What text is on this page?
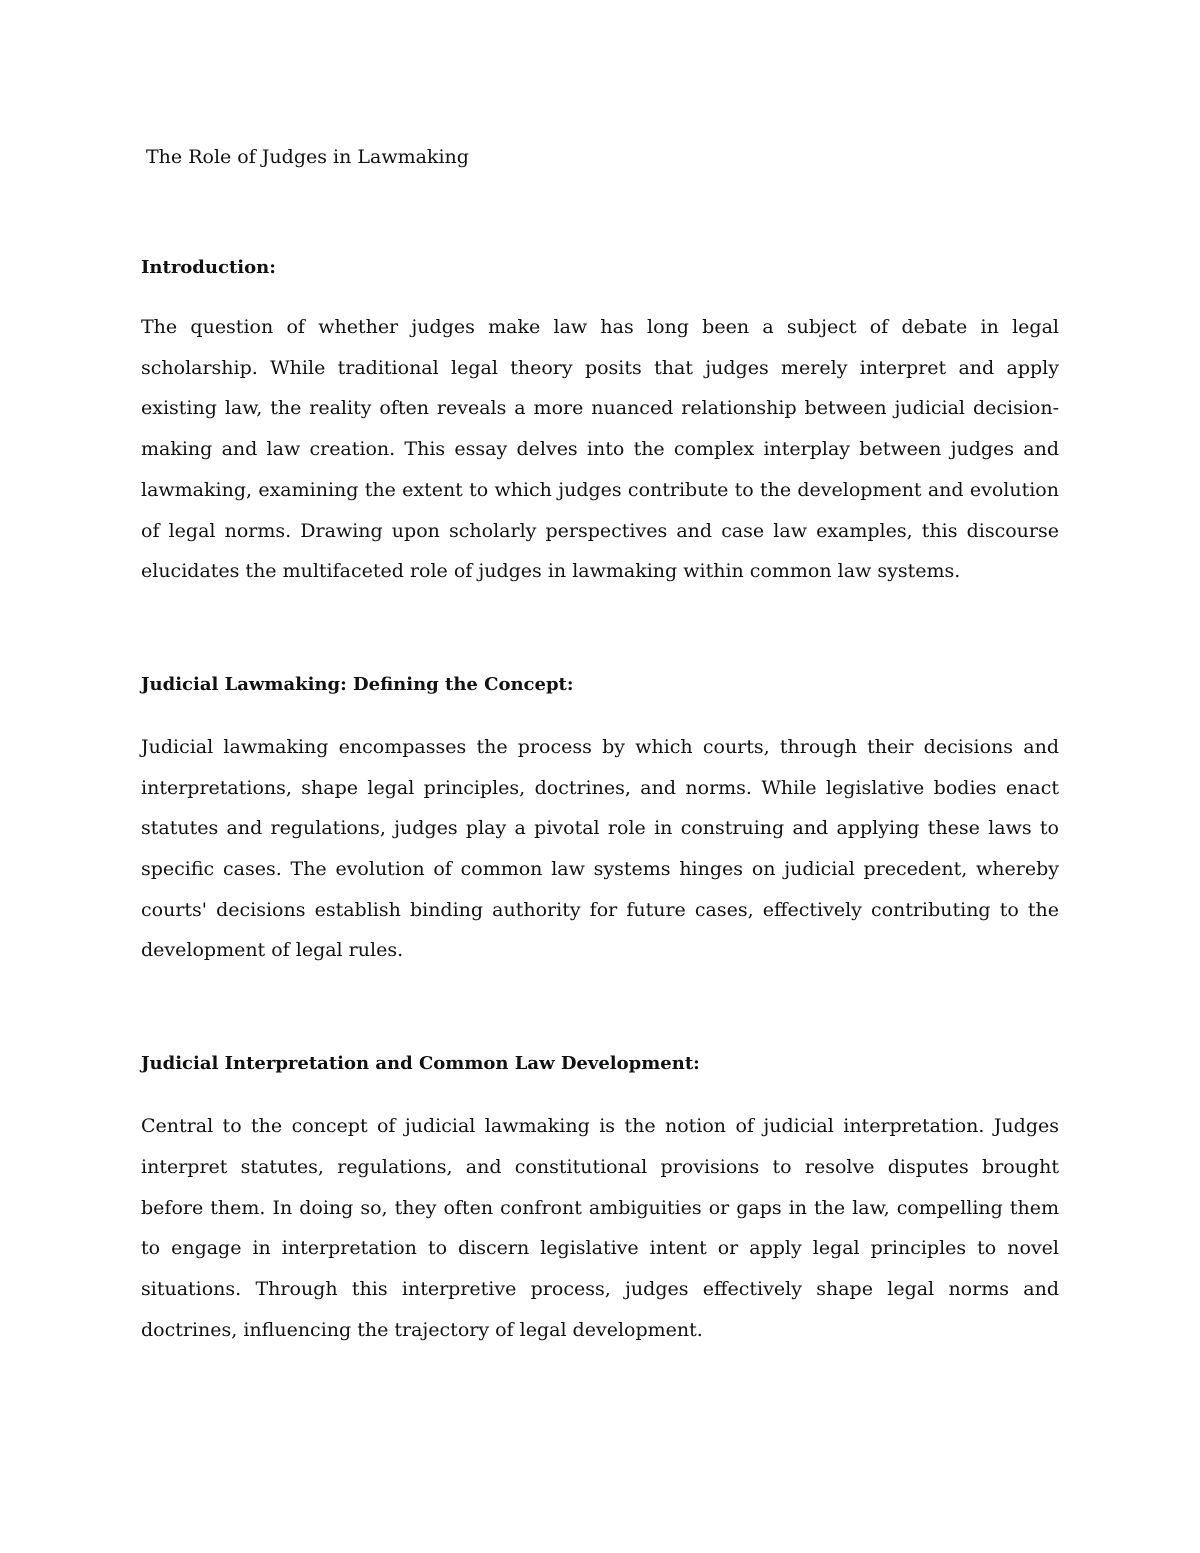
The Role of Judges in Lawmaking
Introduction:

The question of whether judges make law has long been a subject of debate in legal scholarship. While traditional legal theory posits that judges merely interpret and apply existing law, the reality often reveals a more nuanced relationship between judicial decision-making and law creation. This essay delves into the complex interplay between judges and lawmaking, examining the extent to which judges contribute to the development and evolution of legal norms. Drawing upon scholarly perspectives and case law examples, this discourse elucidates the multifaceted role of judges in lawmaking within common law systems.

Judicial Lawmaking: Defining the Concept:

Judicial lawmaking encompasses the process by which courts, through their decisions and interpretations, shape legal principles, doctrines, and norms. While legislative bodies enact statutes and regulations, judges play a pivotal role in construing and applying these laws to specific cases. The evolution of common law systems hinges on judicial precedent, whereby courts' decisions establish binding authority for future cases, effectively contributing to the development of legal rules.

Judicial Interpretation and Common Law Development:

Central to the concept of judicial lawmaking is the notion of judicial interpretation. Judges interpret statutes, regulations, and constitutional provisions to resolve disputes brought before them. In doing so, they often confront ambiguities or gaps in the law, compelling them to engage in interpretation to discern legislative intent or apply legal principles to novel situations. Through this interpretive process, judges effectively shape legal norms and doctrines, influencing the trajectory of legal development.
